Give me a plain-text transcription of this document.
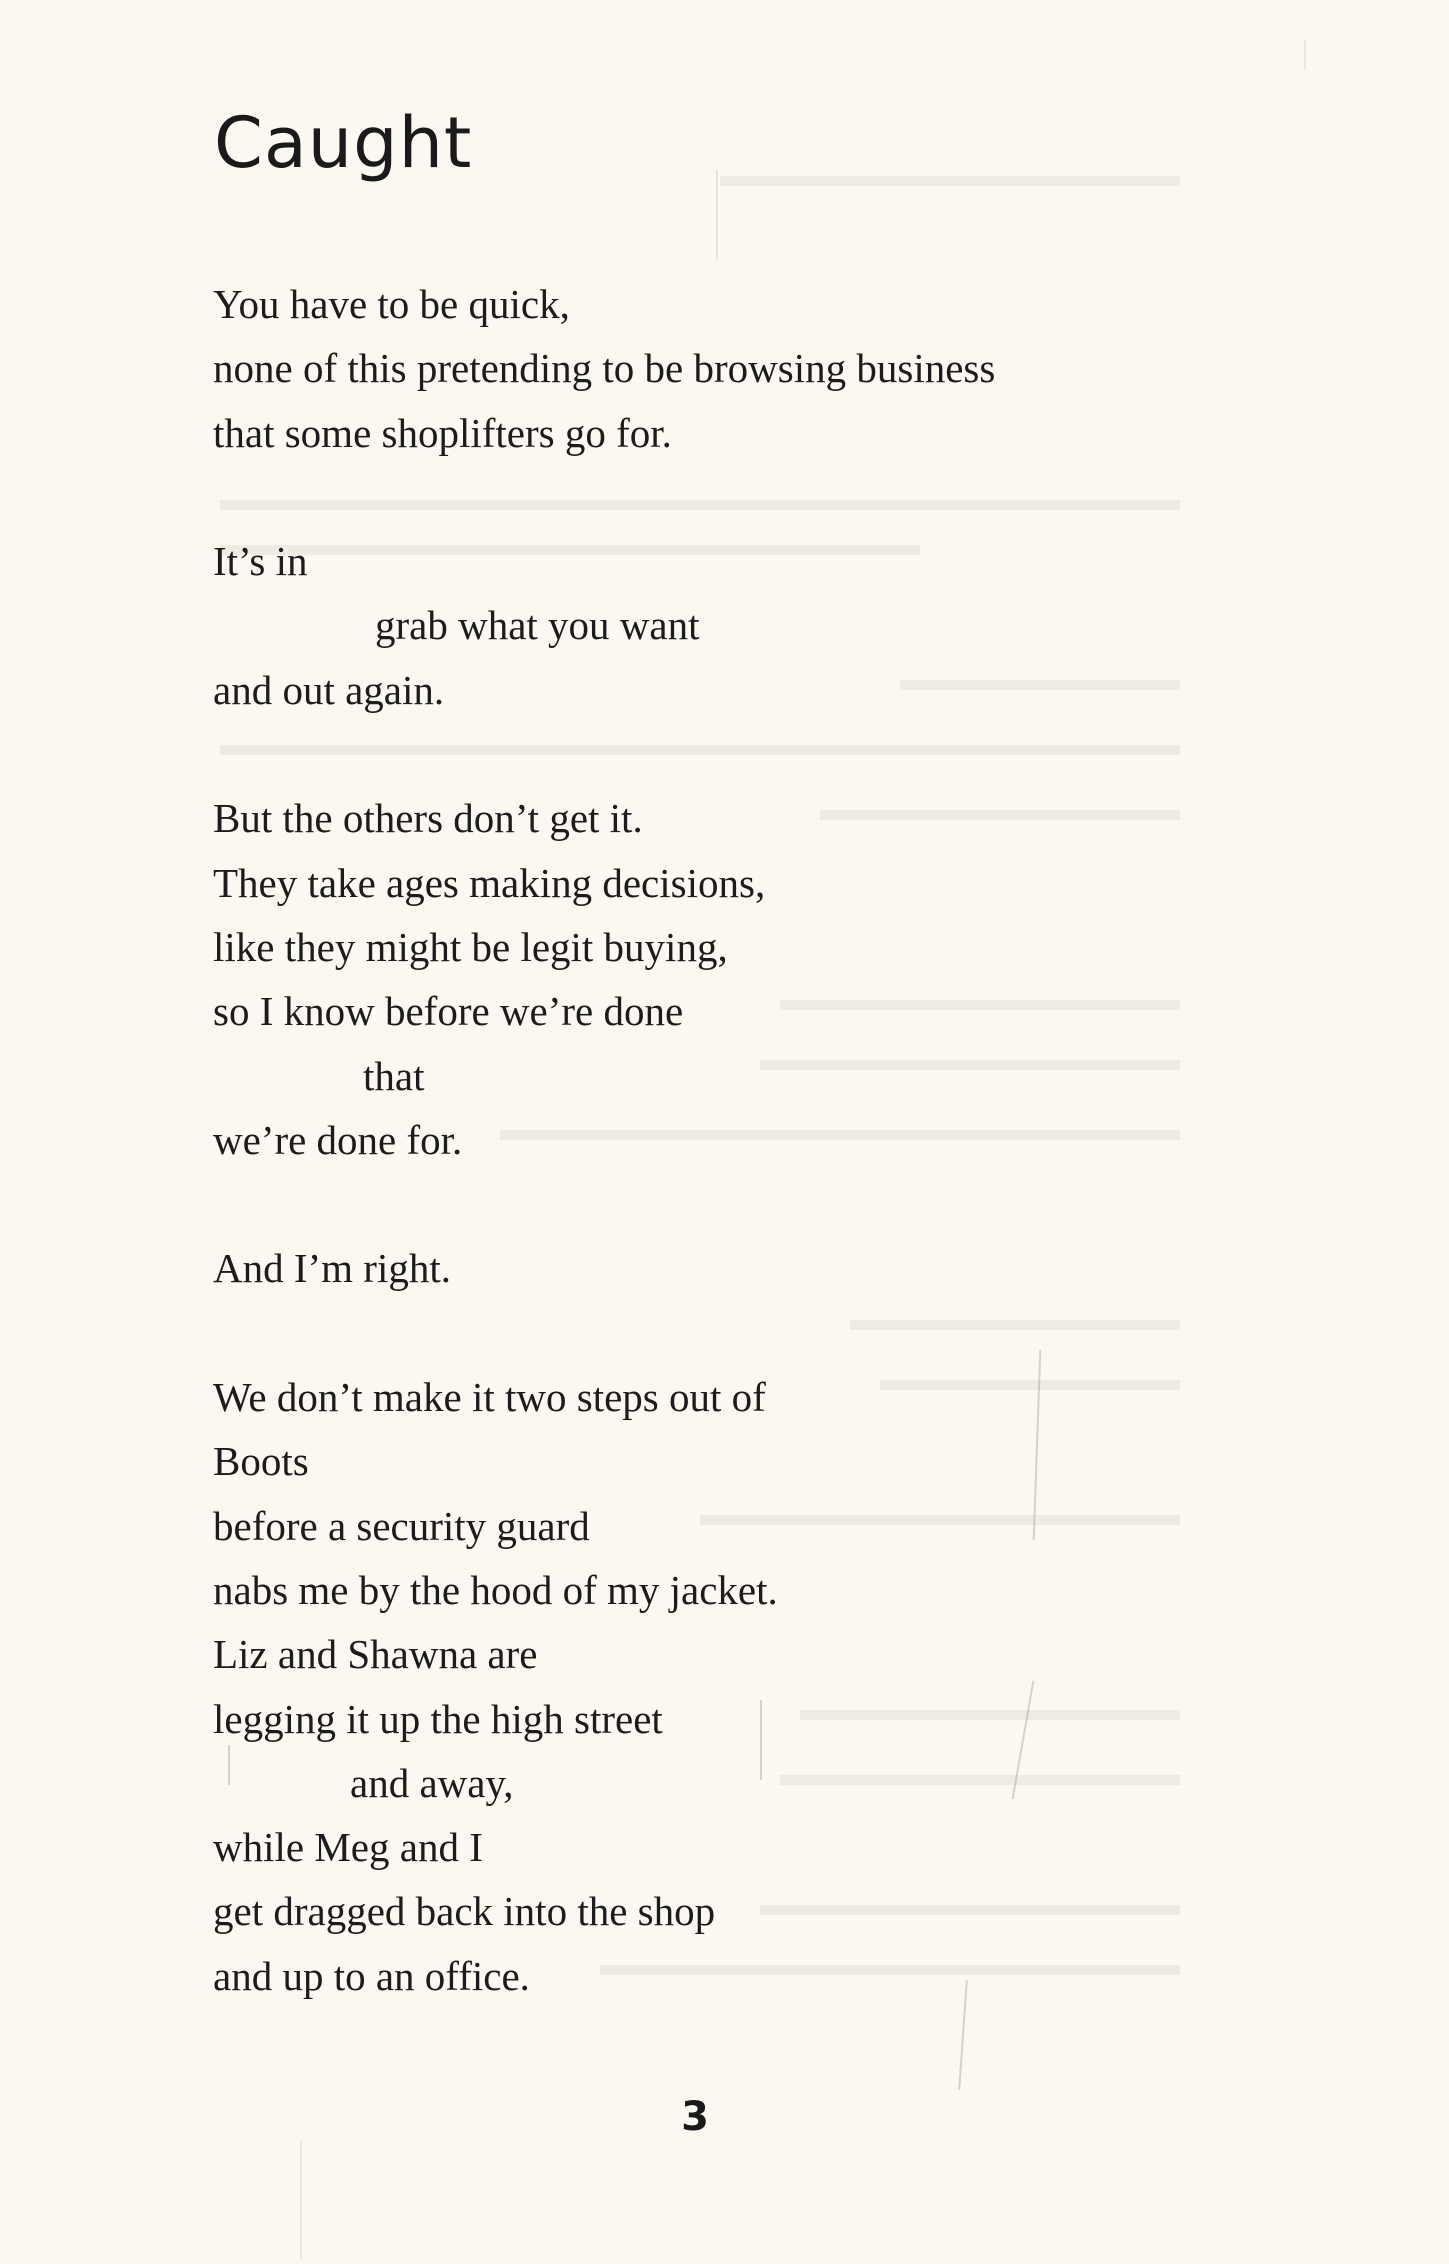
Caught
You have to be quick,
none of this pretending to be browsing business
that some shoplifters go for.
It’s in
grab what you want
and out again.
But the others don’t get it.
They take ages making decisions,
like they might be legit buying,
so I know before we’re done
that
we’re done for.
And I’m right.
We don’t make it two steps out of
Boots
before a security guard
nabs me by the hood of my jacket.
Liz and Shawna are
legging it up the high street
and away,
while Meg and I
get dragged back into the shop
and up to an office.
3
